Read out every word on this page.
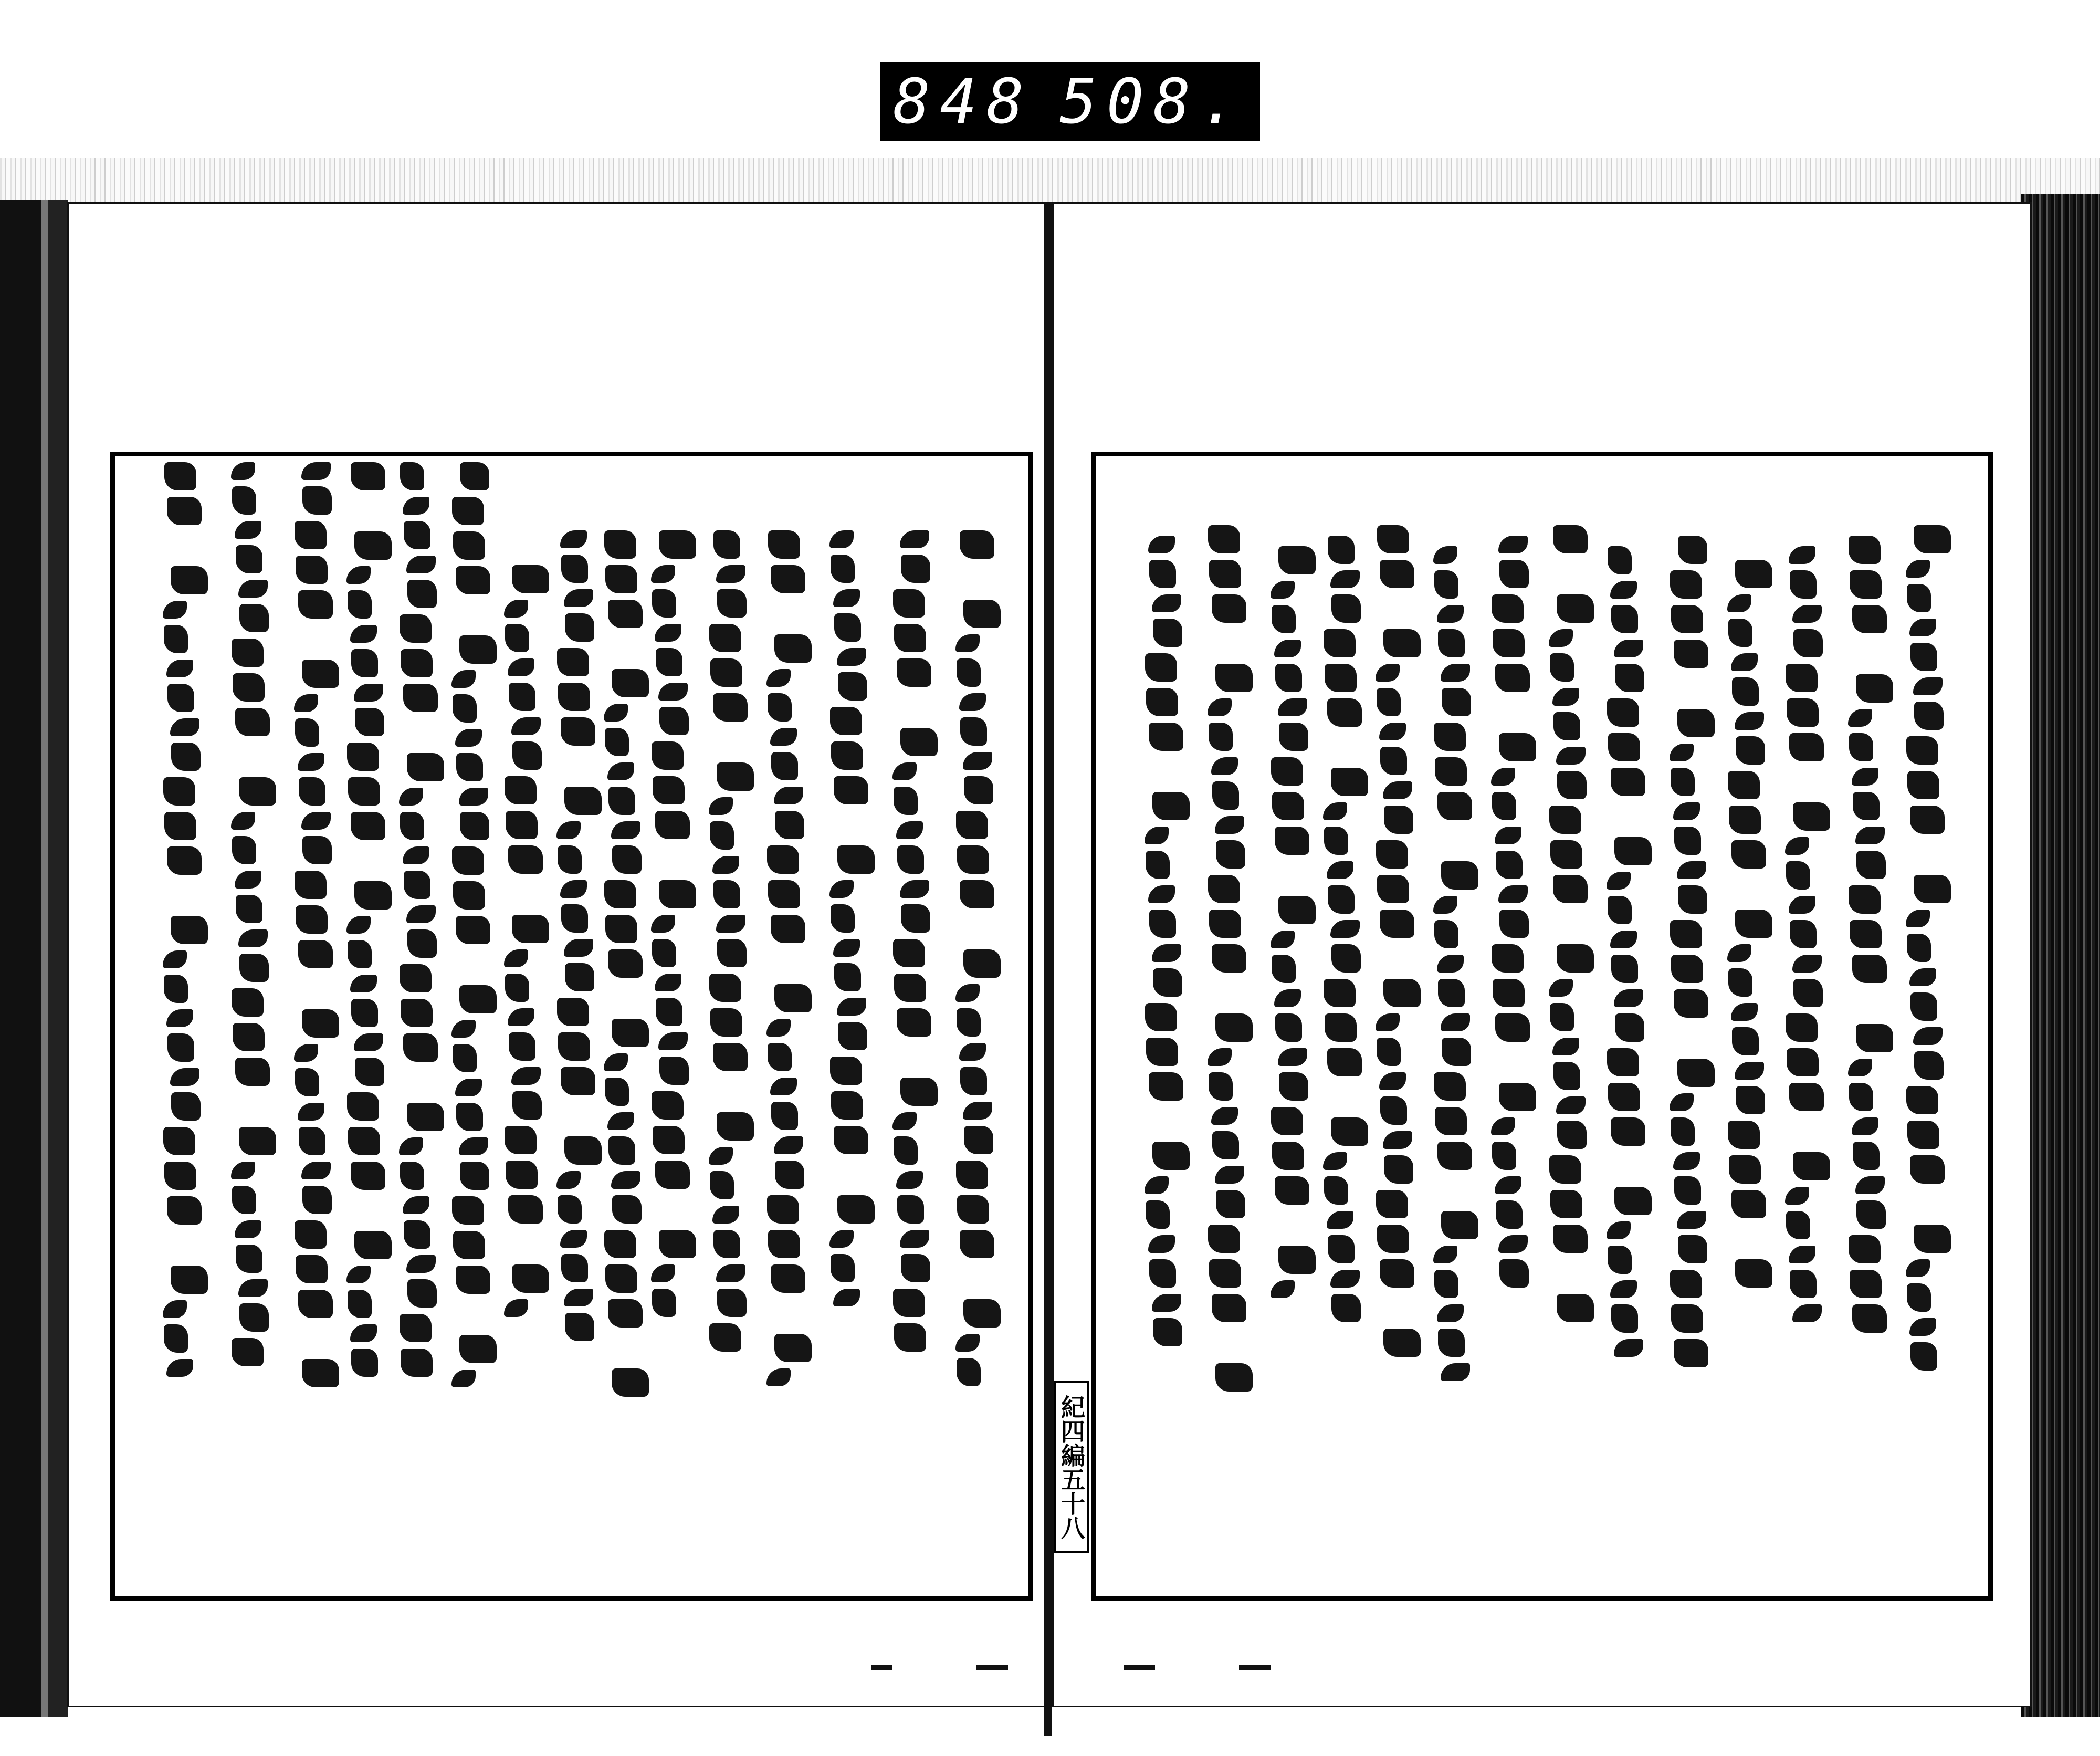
848 508.
紀四編五十八
